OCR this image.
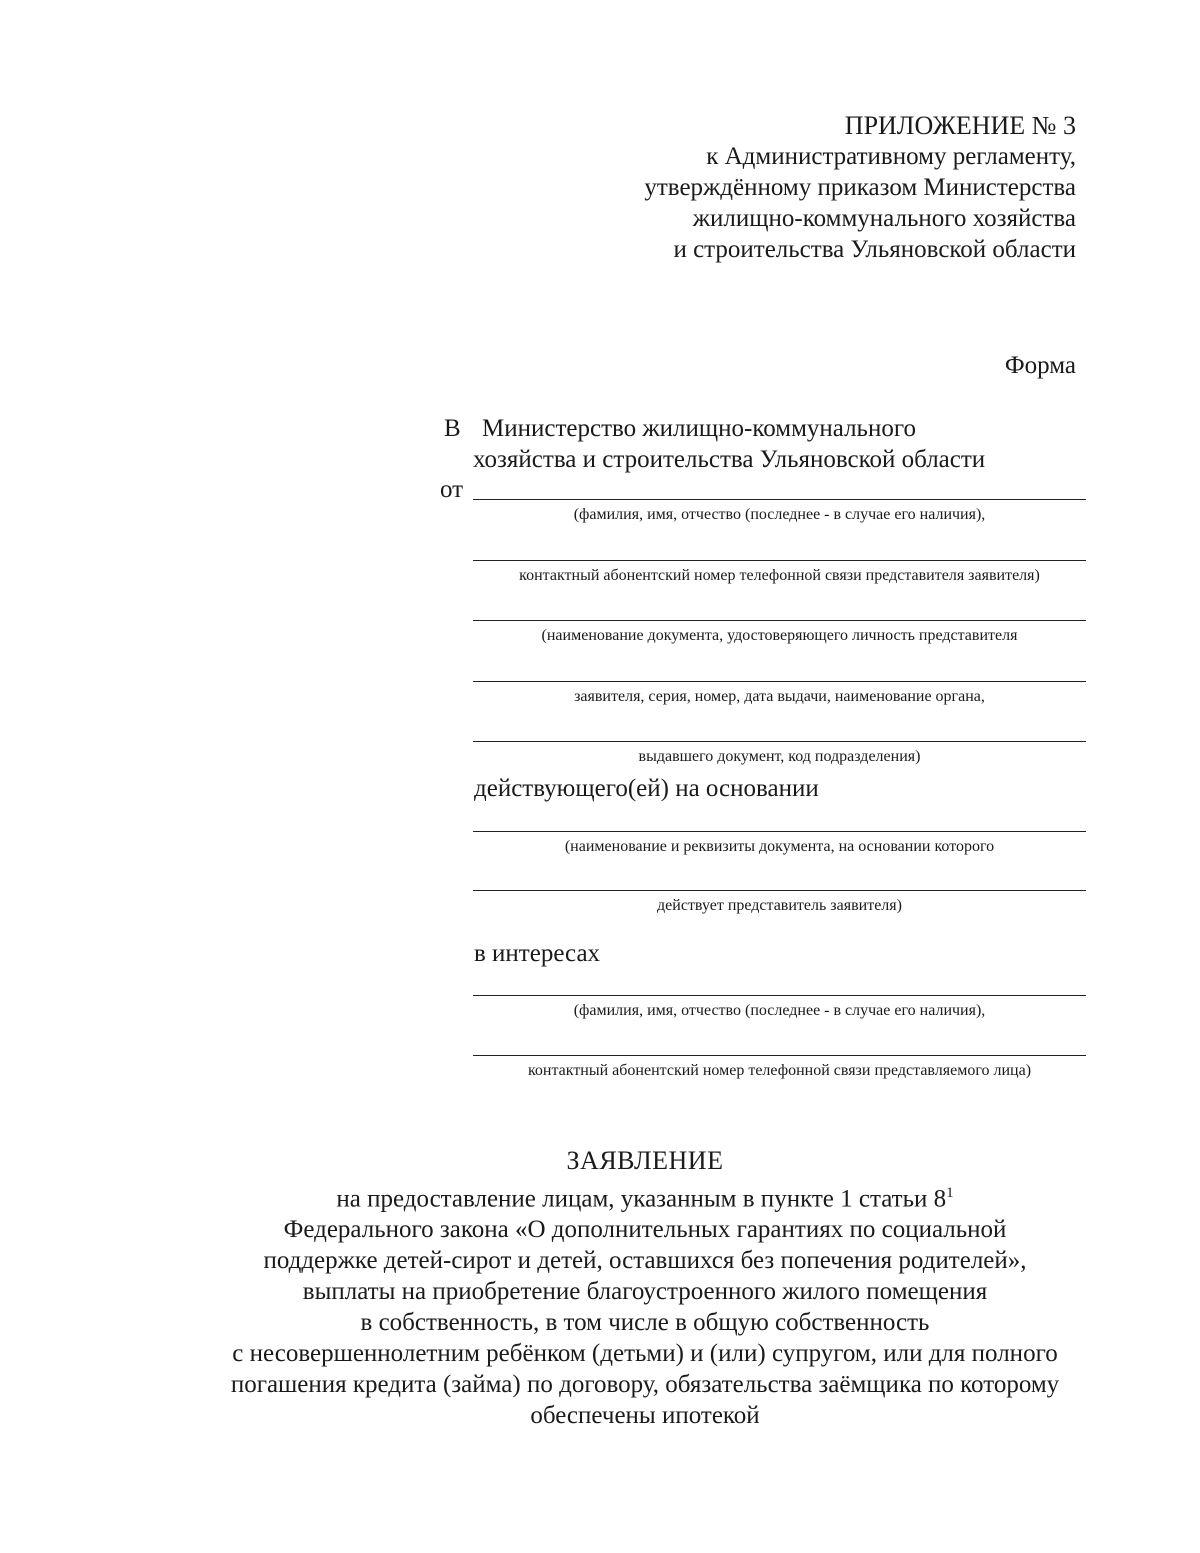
ПРИЛОЖЕНИЕ № 3
к Административному регламенту,
утверждённому приказом Министерства
жилищно-коммунального хозяйства
и строительства Ульяновской области
Форма
В Министерство жилищно-коммунального
хозяйства и строительства Ульяновской области
от
(фамилия, имя, отчество (последнее - в случае его наличия),
контактный абонентский номер телефонной связи представителя заявителя)
(наименование документа, удостоверяющего личность представителя
заявителя, серия, номер, дата выдачи, наименование органа,
выдавшего документ, код подразделения)
действующего(ей) на основании
(наименование и реквизиты документа, на основании которого
действует представитель заявителя)
в интересах
(фамилия, имя, отчество (последнее - в случае его наличия),
контактный абонентский номер телефонной связи представляемого лица)
ЗАЯВЛЕНИЕ
на предоставление лицам, указанным в пункте 1 статьи $8^1$
Федерального закона «О дополнительных гарантиях по социальной
поддержке детей-сирот и детей, оставшихся без попечения родителей»,
выплаты на приобретение благоустроенного жилого помещения
в собственность, в том числе в общую собственность
с несовершеннолетним ребёнком (детьми) и (или) супругом, или для полного
погашения кредита (займа) по договору, обязательства заёмщика по которому
обеспечены ипотекой
